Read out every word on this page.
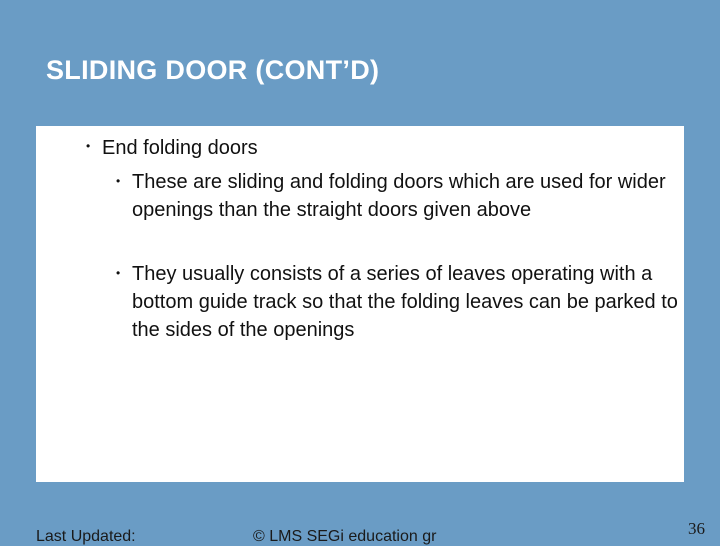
SLIDING DOOR (CONT’D)
• End folding doors
• These are sliding and folding doors which are used for wider openings than the straight doors given above
• They usually consists of a series of leaves operating with a bottom guide track so that the folding leaves can be parked to the sides of the openings
Last Updated:	© LMS SEGi education gr	36
